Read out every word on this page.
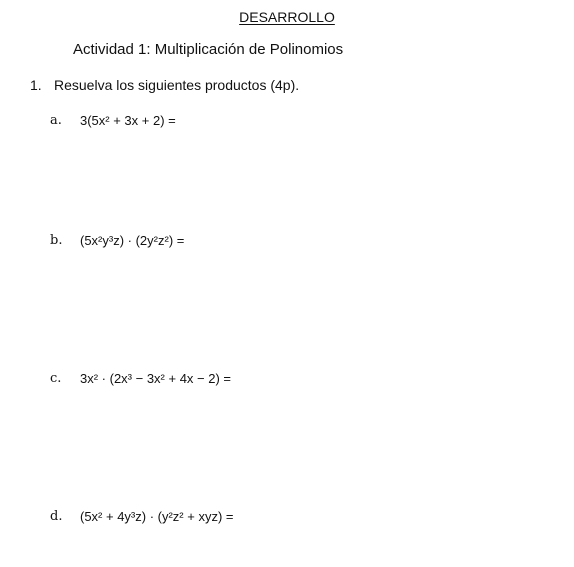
DESARROLLO
Actividad 1: Multiplicación de Polinomios
1. Resuelva los siguientes productos (4p).
a. 3(5x² + 3x + 2) =
b. (5x²y³z) · (2y²z²) =
c. 3x² · (2x³ − 3x² + 4x − 2) =
d. (5x² + 4y³z) · (y²z² + xyz) =
